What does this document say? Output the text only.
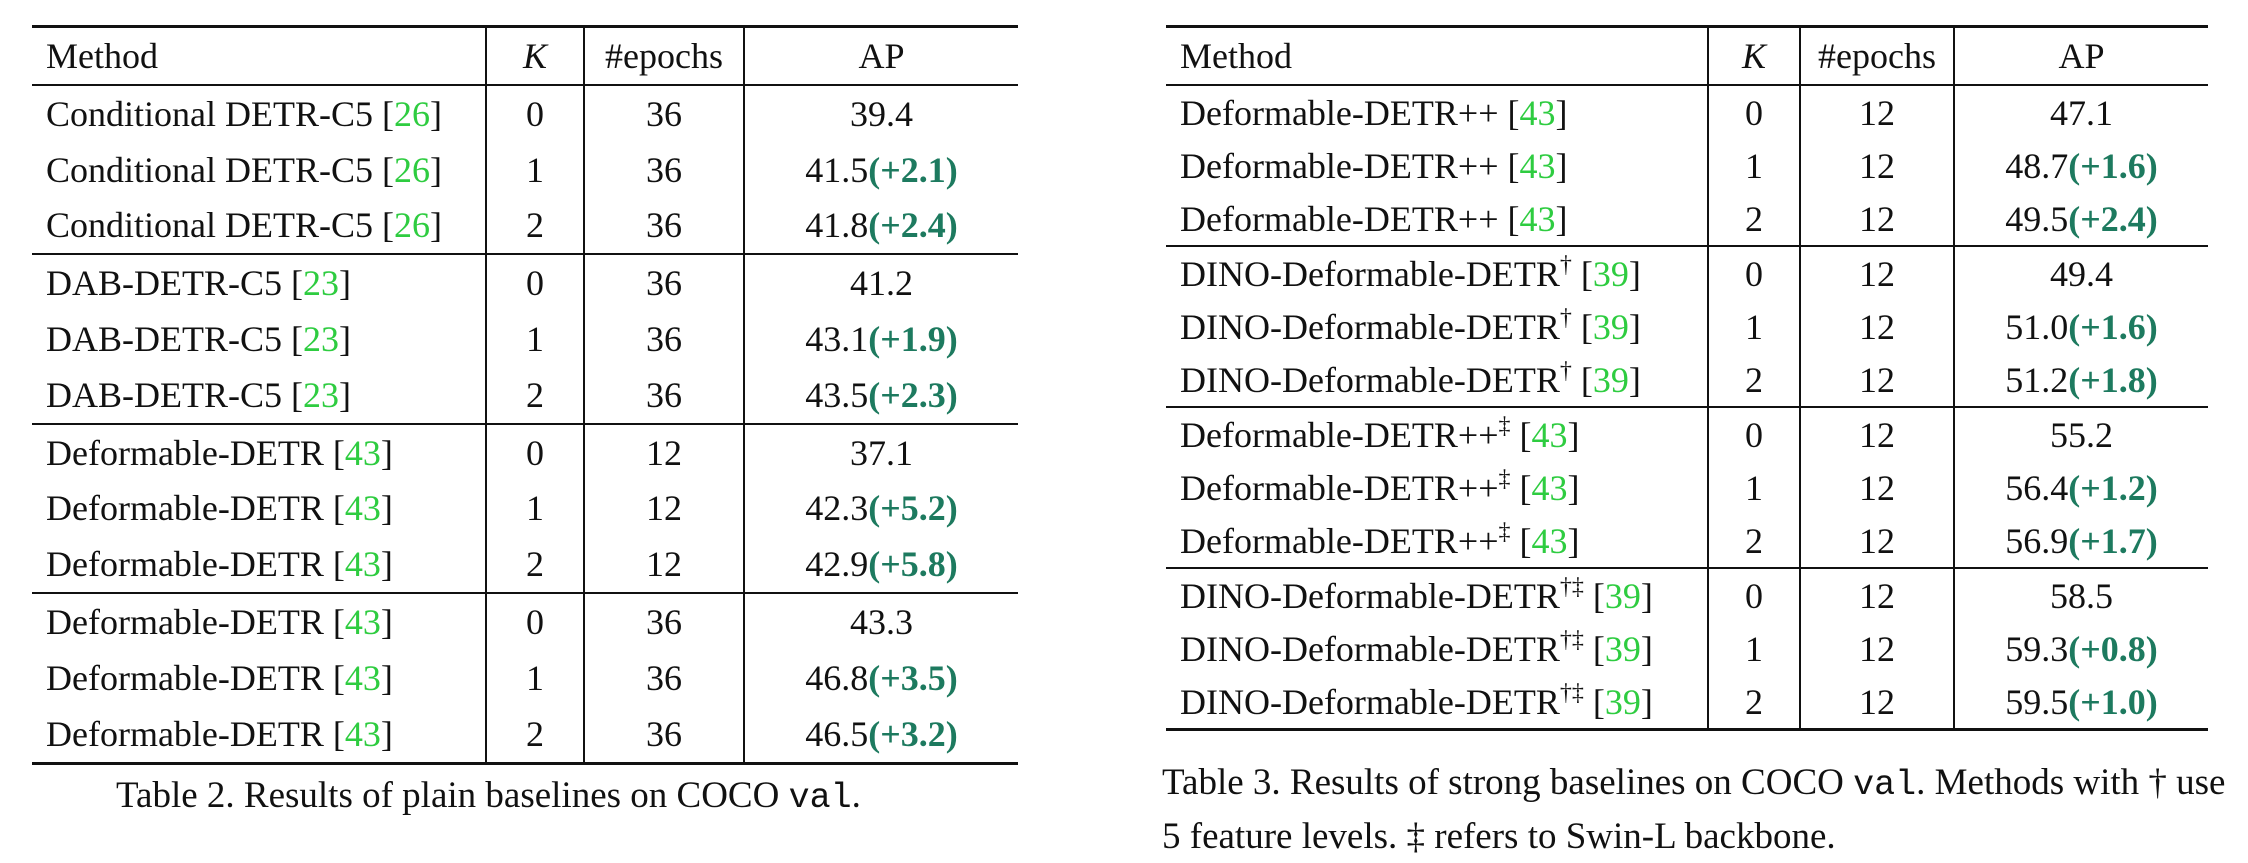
Method	K	#epochs	AP
Conditional DETR-C5 [26]	0	36	39.4
Conditional DETR-C5 [26]	1	36	41.5(+2.1)
Conditional DETR-C5 [26]	2	36	41.8(+2.4)
DAB-DETR-C5 [23]	0	36	41.2
DAB-DETR-C5 [23]	1	36	43.1(+1.9)
DAB-DETR-C5 [23]	2	36	43.5(+2.3)
Deformable-DETR [43]	0	12	37.1
Deformable-DETR [43]	1	12	42.3(+5.2)
Deformable-DETR [43]	2	12	42.9(+5.8)
Deformable-DETR [43]	0	36	43.3
Deformable-DETR [43]	1	36	46.8(+3.5)
Deformable-DETR [43]	2	36	46.5(+3.2)
Table 2. Results of plain baselines on COCO val.
Method	K	#epochs	AP
Deformable-DETR++ [43]	0	12	47.1
Deformable-DETR++ [43]	1	12	48.7(+1.6)
Deformable-DETR++ [43]	2	12	49.5(+2.4)
DINO-Deformable-DETR† [39]	0	12	49.4
DINO-Deformable-DETR† [39]	1	12	51.0(+1.6)
DINO-Deformable-DETR† [39]	2	12	51.2(+1.8)
Deformable-DETR++‡ [43]	0	12	55.2
Deformable-DETR++‡ [43]	1	12	56.4(+1.2)
Deformable-DETR++‡ [43]	2	12	56.9(+1.7)
DINO-Deformable-DETR†‡ [39]	0	12	58.5
DINO-Deformable-DETR†‡ [39]	1	12	59.3(+0.8)
DINO-Deformable-DETR†‡ [39]	2	12	59.5(+1.0)
Table 3. Results of strong baselines on COCO val. Methods with † use 5 feature levels. ‡ refers to Swin-L backbone.
